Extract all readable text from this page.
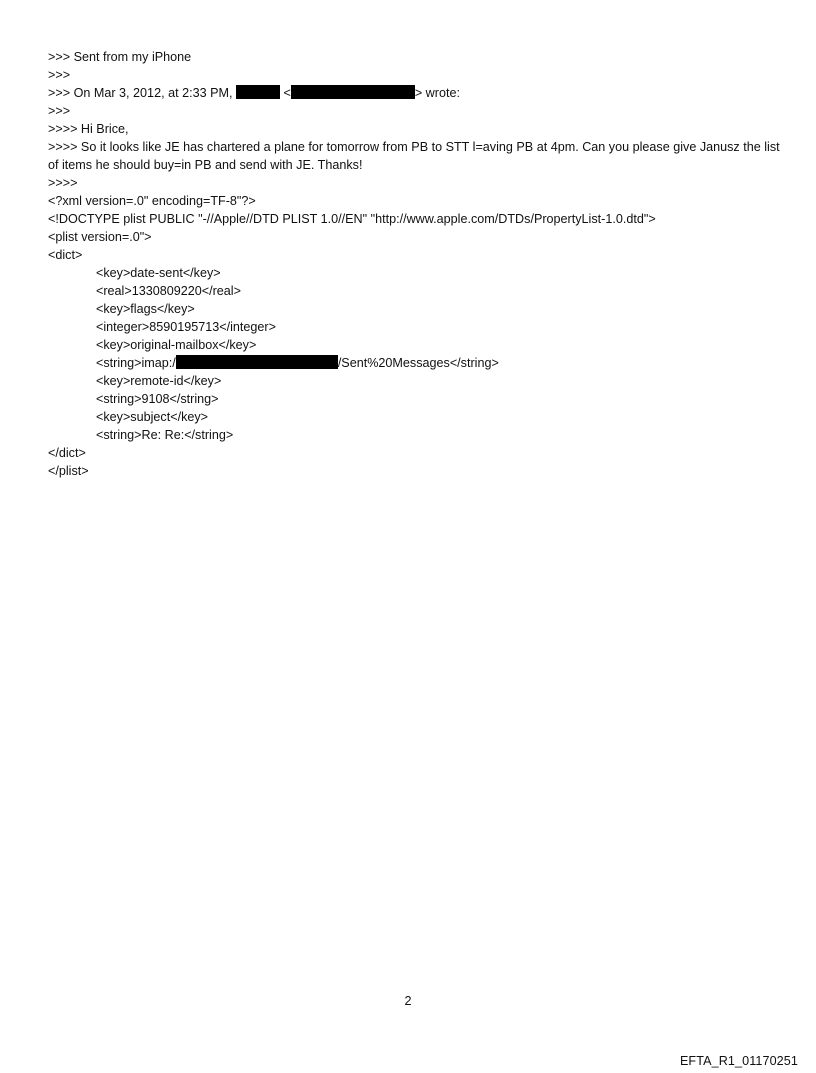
>>> Sent from my iPhone
>>>
>>> On Mar 3, 2012, at 2:33 PM,	<	> wrote:
>>>
>>>> Hi Brice,
>>>> So it looks like JE has chartered a plane for tomorrow from PB to STT l=aving PB at 4pm. Can you please give Janusz the list of items he should buy=in PB and send with JE. Thanks!
>>>>
<?xml version=.0" encoding=TF-8"?>
<!DOCTYPE plist PUBLIC "-//Apple//DTD PLIST 1.0//EN" "http://www.apple.com/DTDs/PropertyList-1.0.dtd">
<plist version=.0">
<dict>
<key>date-sent</key>
<real>1330809220</real>
<key>flags</key>
<integer>8590195713</integer>
<key>original-mailbox</key>
<string>imap:/	/Sent%20Messages</string>
<key>remote-id</key>
<string>9108</string>
<key>subject</key>
<string>Re: Re:</string>
</dict>
</plist>
2
EFTA_R1_01170251
